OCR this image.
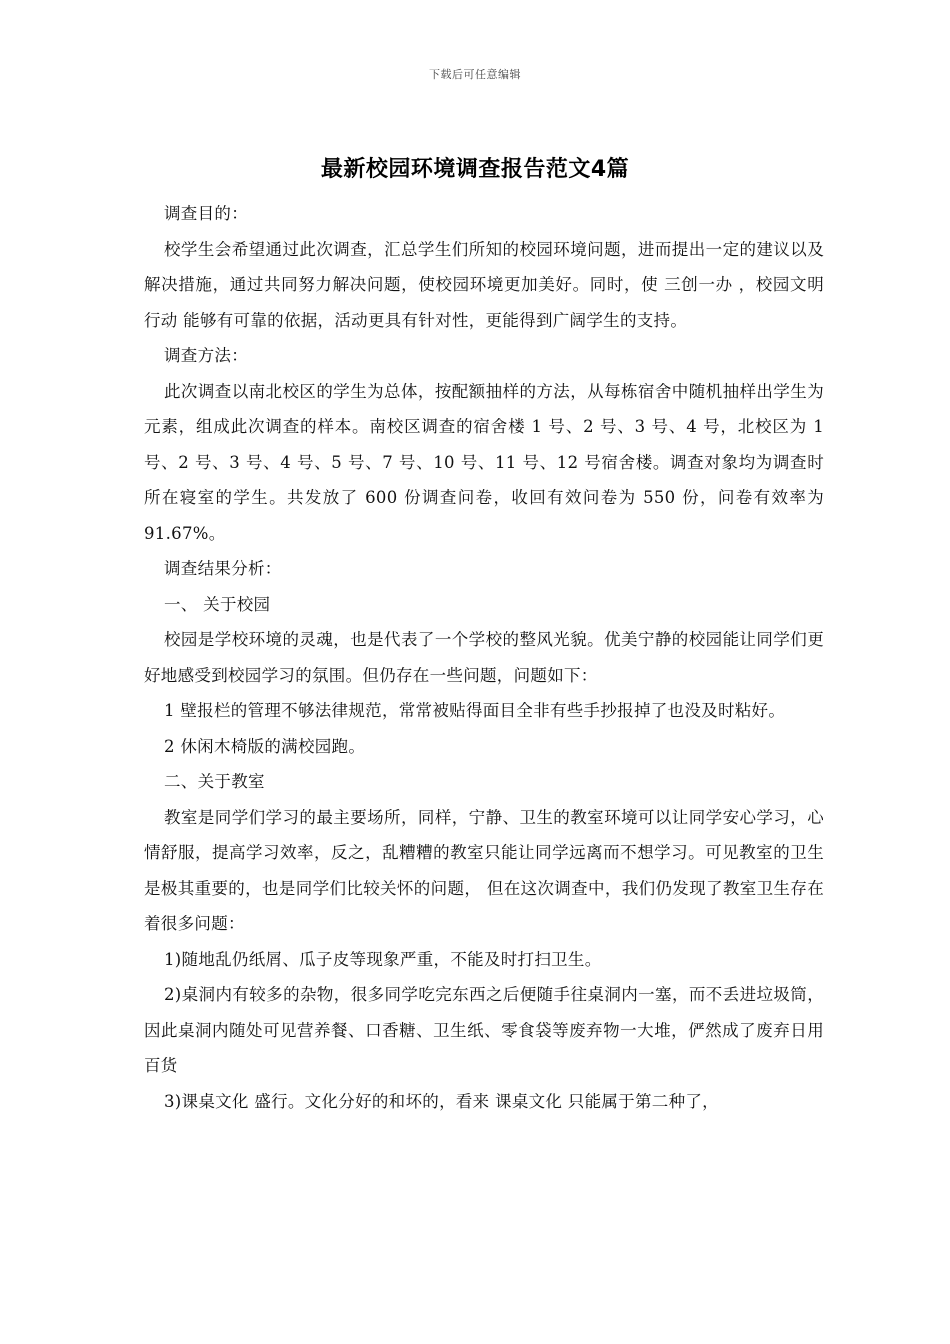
下载后可任意编辑
最新校园环境调查报告范文4篇

调查目的：

校学生会希望通过此次调查，汇总学生们所知的校园环境问题，进而提出一定的建议以及解决措施，通过共同努力解决问题，使校园环境更加美好。同时，使 三创一办 ，校园文明行动 能够有可靠的依据，活动更具有针对性，更能得到广阔学生的支持。

调查方法：

此次调查以南北校区的学生为总体，按配额抽样的方法，从每栋宿舍中随机抽样出学生为元素，组成此次调查的样本。南校区调查的宿舍楼 1 号、2 号、3 号、4 号，北校区为 1 号、2 号、3 号、4 号、5 号、7 号、10 号、11 号、12 号宿舍楼。调查对象均为调查时所在寝室的学生。共发放了 600 份调查问卷，收回有效问卷为 550 份，问卷有效率为 91.67%。

调查结果分析：

一、 关于校园

校园是学校环境的灵魂，也是代表了一个学校的整风光貌。优美宁静的校园能让同学们更好地感受到校园学习的氛围。但仍存在一些问题，问题如下：

1 壁报栏的管理不够法律规范，常常被贴得面目全非有些手抄报掉了也没及时粘好。

2 休闲木椅版的满校园跑。

二、关于教室

教室是同学们学习的最主要场所，同样，宁静、卫生的教室环境可以让同学安心学习，心情舒服，提高学习效率，反之，乱糟糟的教室只能让同学远离而不想学习。可见教室的卫生是极其重要的，也是同学们比较关怀的问题， 但在这次调查中，我们仍发现了教室卫生存在着很多问题：

1)随地乱仍纸屑、瓜子皮等现象严重，不能及时打扫卫生。

2)桌洞内有较多的杂物，很多同学吃完东西之后便随手往桌洞内一塞，而不丢进垃圾筒，因此桌洞内随处可见营养餐、口香糖、卫生纸、零食袋等废弃物一大堆，俨然成了废弃日用百货

3)课桌文化 盛行。文化分好的和坏的，看来 课桌文化 只能属于第二种了，
